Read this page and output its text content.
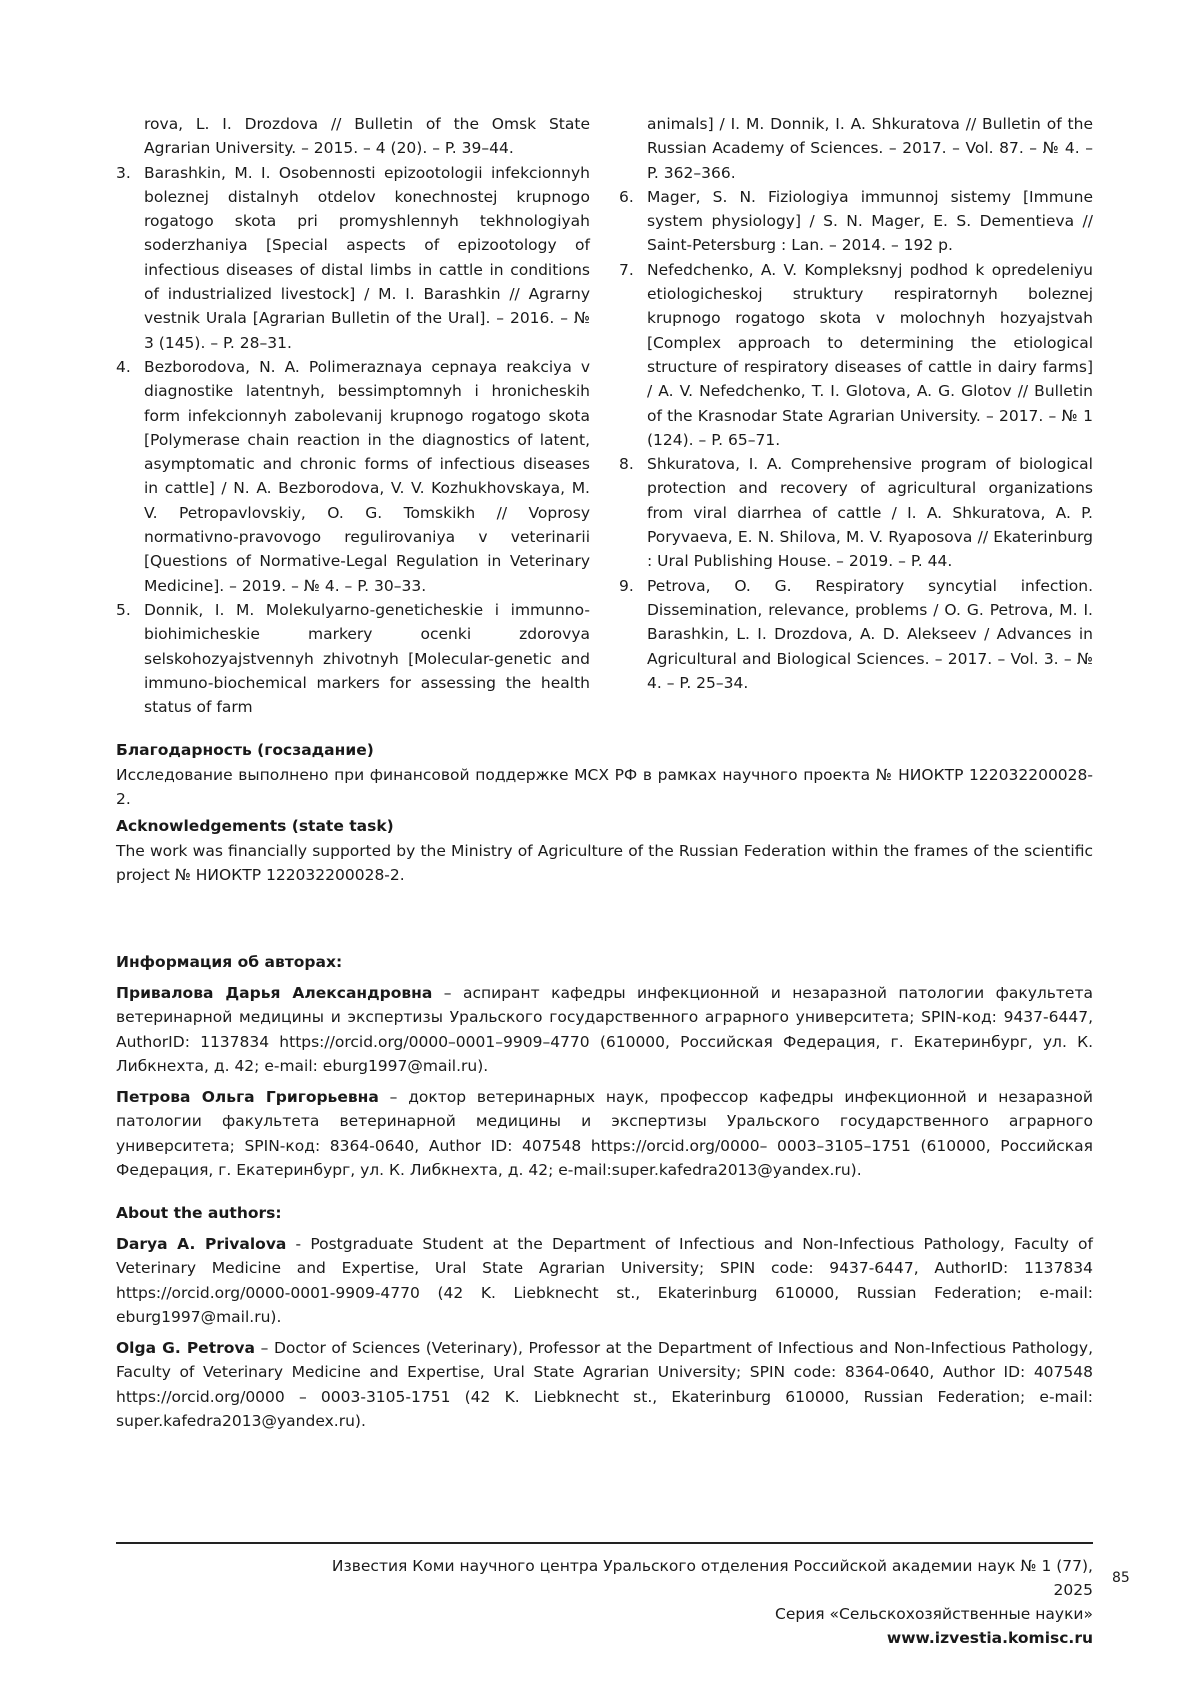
rova, L. I. Drozdova // Bulletin of the Omsk State Agrarian University. – 2015. – 4 (20). – P. 39–44.
3. Barashkin, M. I. Osobennosti epizootologii infekcionnyh boleznej distalnyh otdelov konechnostej krupnogo rogatogo skota pri promyshlennyh tekhnologiyah soderzhaniya [Special aspects of epizootology of infectious diseases of distal limbs in cattle in conditions of industrialized livestock] / M. I. Barashkin // Agrarny vestnik Urala [Agrarian Bulletin of the Ural]. – 2016. – № 3 (145). – P. 28–31.
4. Bezborodova, N. A. Polimeraznaya cepnaya reakciya v diagnostike latentnyh, bessimptomnyh i hronicheskih form infekcionnyh zabolevanij krupnogo rogatogo skota [Polymerase chain reaction in the diagnostics of latent, asymptomatic and chronic forms of infectious diseases in cattle] / N. A. Bezborodova, V. V. Kozhukhovskaya, M. V. Petropavlovskiy, O. G. Tomskikh // Voprosy normativno-pravovogo regulirovaniya v veterinarii [Questions of Normative-Legal Regulation in Veterinary Medicine]. – 2019. – № 4. – P. 30–33.
5. Donnik, I. M. Molekulyarno-geneticheskie i immunno-biohimicheskie markery ocenki zdorovya selskohozyajstvennyh zhivotnyh [Molecular-genetic and immuno-biochemical markers for assessing the health status of farm
animals] / I. M. Donnik, I. A. Shkuratova // Bulletin of the Russian Academy of Sciences. – 2017. – Vol. 87. – № 4. – P. 362–366.
6. Mager, S. N. Fiziologiya immunnoj sistemy [Immune system physiology] / S. N. Mager, E. S. Dementieva // Saint-Petersburg : Lan. – 2014. – 192 p.
7. Nefedchenko, A. V. Kompleksnyj podhod k opredeleniyu etiologicheskoj struktury respiratornyh boleznej krupnogo rogatogo skota v molochnyh hozyajstvah [Complex approach to determining the etiological structure of respiratory diseases of cattle in dairy farms] / A. V. Nefedchenko, T. I. Glotova, A. G. Glotov // Bulletin of the Krasnodar State Agrarian University. – 2017. – № 1 (124). – P. 65–71.
8. Shkuratova, I. A. Comprehensive program of biological protection and recovery of agricultural organizations from viral diarrhea of cattle / I. A. Shkuratova, A. P. Poryvaeva, E. N. Shilova, M. V. Ryaposova // Ekaterinburg : Ural Publishing House. – 2019. – P. 44.
9. Petrova, O. G. Respiratory syncytial infection. Dissemination, relevance, problems / O. G. Petrova, M. I. Barashkin, L. I. Drozdova, A. D. Alekseev / Advances in Agricultural and Biological Sciences. – 2017. – Vol. 3. – № 4. – P. 25–34.

Благодарность (госзадание)

Исследование выполнено при финансовой поддержке МСХ РФ в рамках научного проекта № НИОКТР 122032200028-2.

Acknowledgements (state task)

The work was financially supported by the Ministry of Agriculture of the Russian Federation within the frames of the scientific project № НИОКТР 122032200028-2.

Информация об авторах:

Привалова Дарья Александровна – аспирант кафедры инфекционной и незаразной патологии факультета ветеринарной медицины и экспертизы Уральского государственного аграрного университета; SPIN-код: 9437-6447, AuthorID: 1137834 https://orcid.org/0000–0001–9909–4770 (610000, Российская Федерация, г. Екатеринбург, ул. К. Либкнехта, д. 42; e-mail: eburg1997@mail.ru).

Петрова Ольга Григорьевна – доктор ветеринарных наук, профессор кафедры инфекционной и незаразной патологии факультета ветеринарной медицины и экспертизы Уральского государственного аграрного университета; SPIN-код: 8364-0640, Author ID: 407548 https://orcid.org/0000– 0003–3105–1751 (610000, Российская Федерация, г. Екатеринбург, ул. К. Либкнехта, д. 42; e-mail:super.kafedra2013@yandex.ru).

About the authors:

Darya A. Privalova - Postgraduate Student at the Department of Infectious and Non-Infectious Pathology, Faculty of Veterinary Medicine and Expertise, Ural State Agrarian University; SPIN code: 9437-6447, AuthorID: 1137834 https://orcid.org/0000-0001-9909-4770 (42 K. Liebknecht st., Ekaterinburg 610000, Russian Federation; e-mail: eburg1997@mail.ru).

Olga G. Petrova – Doctor of Sciences (Veterinary), Professor at the Department of Infectious and Non-Infectious Pathology, Faculty of Veterinary Medicine and Expertise, Ural State Agrarian University; SPIN code: 8364-0640, Author ID: 407548 https://orcid.org/0000 – 0003-3105-1751 (42 K. Liebknecht st., Ekaterinburg 610000, Russian Federation; e-mail: super.kafedra2013@yandex.ru).

Известия Коми научного центра Уральского отделения Российской академии наук № 1 (77), 2025
Серия «Сельскохозяйственные науки»
www.izvestia.komisc.ru
85
